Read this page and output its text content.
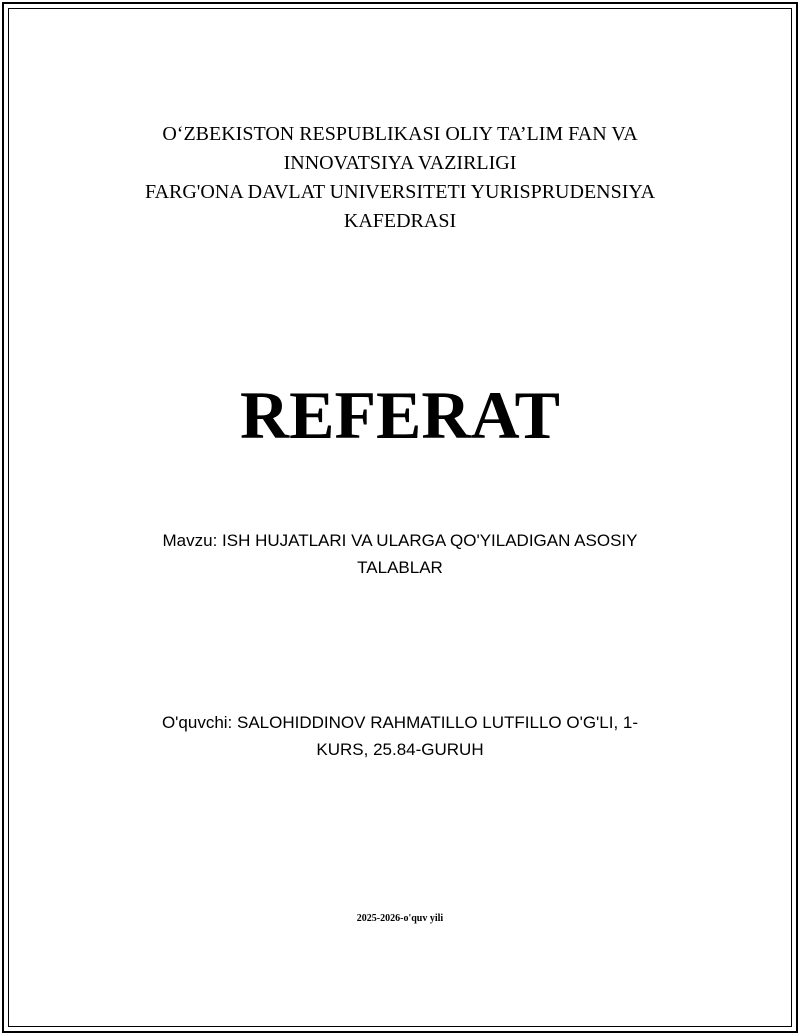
O‘ZBEKISTON RESPUBLIKASI OLIY TA’LIM FAN VA
INNOVATSIYA VAZIRLIGI
FARG'ONA DAVLAT UNIVERSITETI YURISPRUDENSIYA
KAFEDRASI
REFERAT
Mavzu: ISH HUJATLARI VA ULARGA QO'YILADIGAN ASOSIY
TALABLAR
O'quvchi: SALOHIDDINOV RAHMATILLO LUTFILLO O'G'LI, 1-
KURS, 25.84-GURUH
2025-2026-o'quv yili
